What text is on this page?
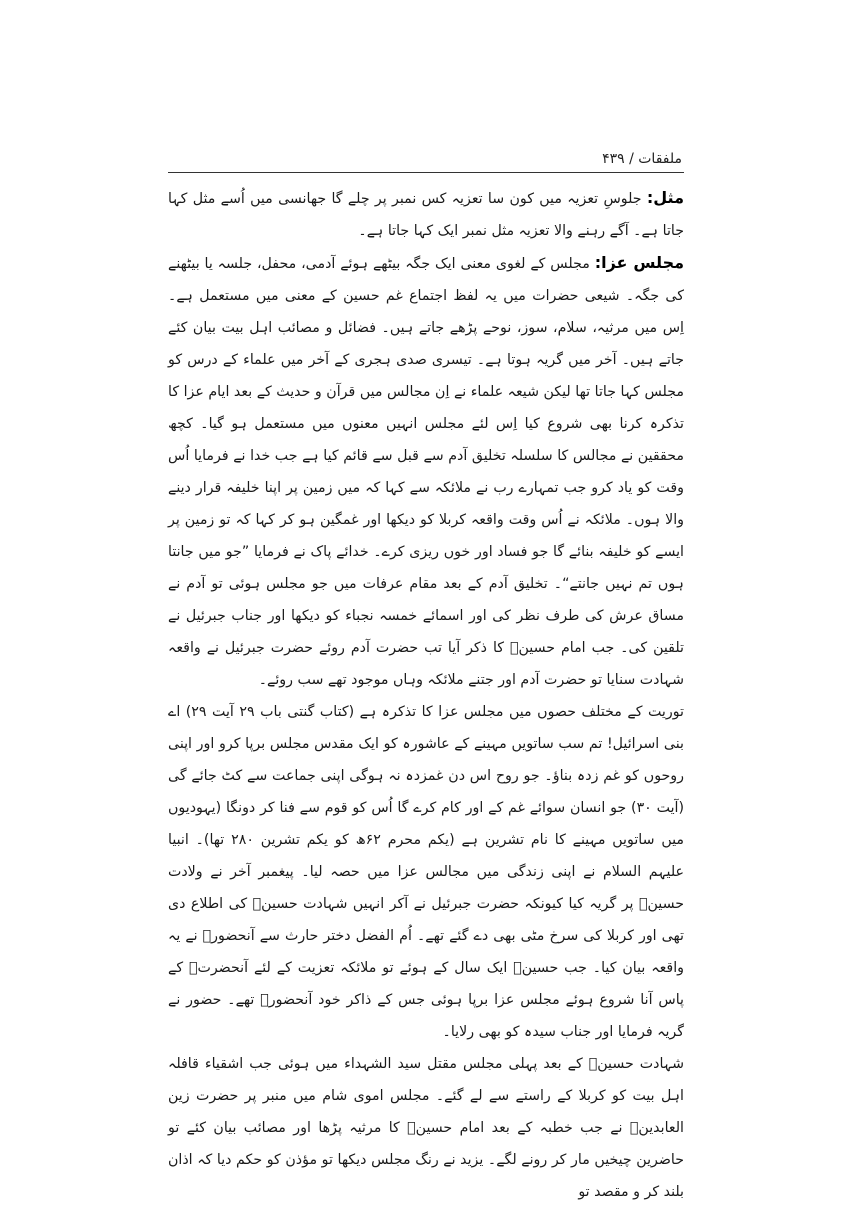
ملفقات / ۴۳۹

مثل: جلوسِ تعزیہ میں کون سا تعزیہ کس نمبر پر چلے گا جھانسی میں اُسے مثل کہا جاتا ہے۔ آگے رہنے والا تعزیہ مثل نمبر ایک کہا جاتا ہے۔

مجلس عزا: مجلس کے لغوی معنی ایک جگہ بیٹھے ہوئے آدمی، محفل، جلسہ یا بیٹھنے کی جگہ۔ شیعی حضرات میں یہ لفظ اجتماع غم حسین کے معنی میں مستعمل ہے۔ اِس میں مرثیہ، سلام، سوز، نوحے پڑھے جاتے ہیں۔ فضائل و مصائب اہل بیت بیان کئے جاتے ہیں۔ آخر میں گریہ ہوتا ہے۔ تیسری صدی ہجری کے آخر میں علماء کے درس کو مجلس کہا جاتا تھا لیکن شیعہ علماء نے اِن مجالس میں قرآن و حدیث کے بعد ایام عزا کا تذکرہ کرنا بھی شروع کیا اِس لئے مجلس انہیں معنوں میں مستعمل ہو گیا۔ کچھ محققین نے مجالس کا سلسلہ تخلیق آدم سے قبل سے قائم کیا ہے جب خدا نے فرمایا اُس وقت کو یاد کرو جب تمہارے رب نے ملائکہ سے کہا کہ میں زمین پر اپنا خلیفہ قرار دینے والا ہوں۔ ملائکہ نے اُس وقت واقعہ کربلا کو دیکھا اور غمگین ہو کر کہا کہ تو زمین پر ایسے کو خلیفہ بنائے گا جو فساد اور خوں ریزی کرے۔ خدائے پاک نے فرمایا ”جو میں جانتا ہوں تم نہیں جانتے“۔ تخلیق آدم کے بعد مقام عرفات میں جو مجلس ہوئی تو آدم نے مساق عرش کی طرف نظر کی اور اسمائے خمسہ نجباء کو دیکھا اور جناب جبرئیل نے تلقین کی۔ جب امام حسینؑ کا ذکر آیا تب حضرت آدم روئے حضرت جبرئیل نے واقعہ شہادت سنایا تو حضرت آدم اور جتنے ملائکہ وہاں موجود تھے سب روئے۔

توریت کے مختلف حصوں میں مجلس عزا کا تذکرہ ہے (کتاب گنتی باب ۲۹ آیت ۲۹) اے بنی اسرائیل! تم سب ساتویں مہینے کے عاشورہ کو ایک مقدس مجلس برپا کرو اور اپنی روحوں کو غم زدہ بناؤ۔ جو روح اس دن غمزدہ نہ ہوگی اپنی جماعت سے کٹ جائے گی (آیت ۳۰) جو انسان سوائے غم کے اور کام کرے گا اُس کو قوم سے فنا کر دونگا (یہودیوں میں ساتویں مہینے کا نام تشرین ہے (یکم محرم ۶۲ھ کو یکم تشرین ۲۸۰ تھا)۔ انبیا علیہم السلام نے اپنی زندگی میں مجالس عزا میں حصہ لیا۔ پیغمبر آخر نے ولادت حسینؑ پر گریہ کیا کیونکہ حضرت جبرئیل نے آکر انہیں شہادت حسینؑ کی اطلاع دی تھی اور کربلا کی سرخ مٹی بھی دے گئے تھے۔ اُم الفضل دختر حارث سے آنحضورؐ نے یہ واقعہ بیان کیا۔ جب حسینؑ ایک سال کے ہوئے تو ملائکہ تعزیت کے لئے آنحضرتؐ کے پاس آنا شروع ہوئے مجلس عزا برپا ہوئی جس کے ذاکر خود آنحضورؐ تھے۔ حضور نے گریہ فرمایا اور جناب سیدہ کو بھی رلایا۔

شہادت حسینؑ کے بعد پہلی مجلس مقتل سید الشہداء میں ہوئی جب اشقیاء قافلہ اہل بیت کو کربلا کے راستے سے لے گئے۔ مجلس اموی شام میں منبر پر حضرت زین العابدینؑ نے جب خطبہ کے بعد امام حسینؑ کا مرثیہ پڑھا اور مصائب بیان کئے تو حاضرین چیخیں مار کر رونے لگے۔ یزید نے رنگ مجلس دیکھا تو مؤذن کو حکم دیا کہ اذان بلند کر و مقصد تو
